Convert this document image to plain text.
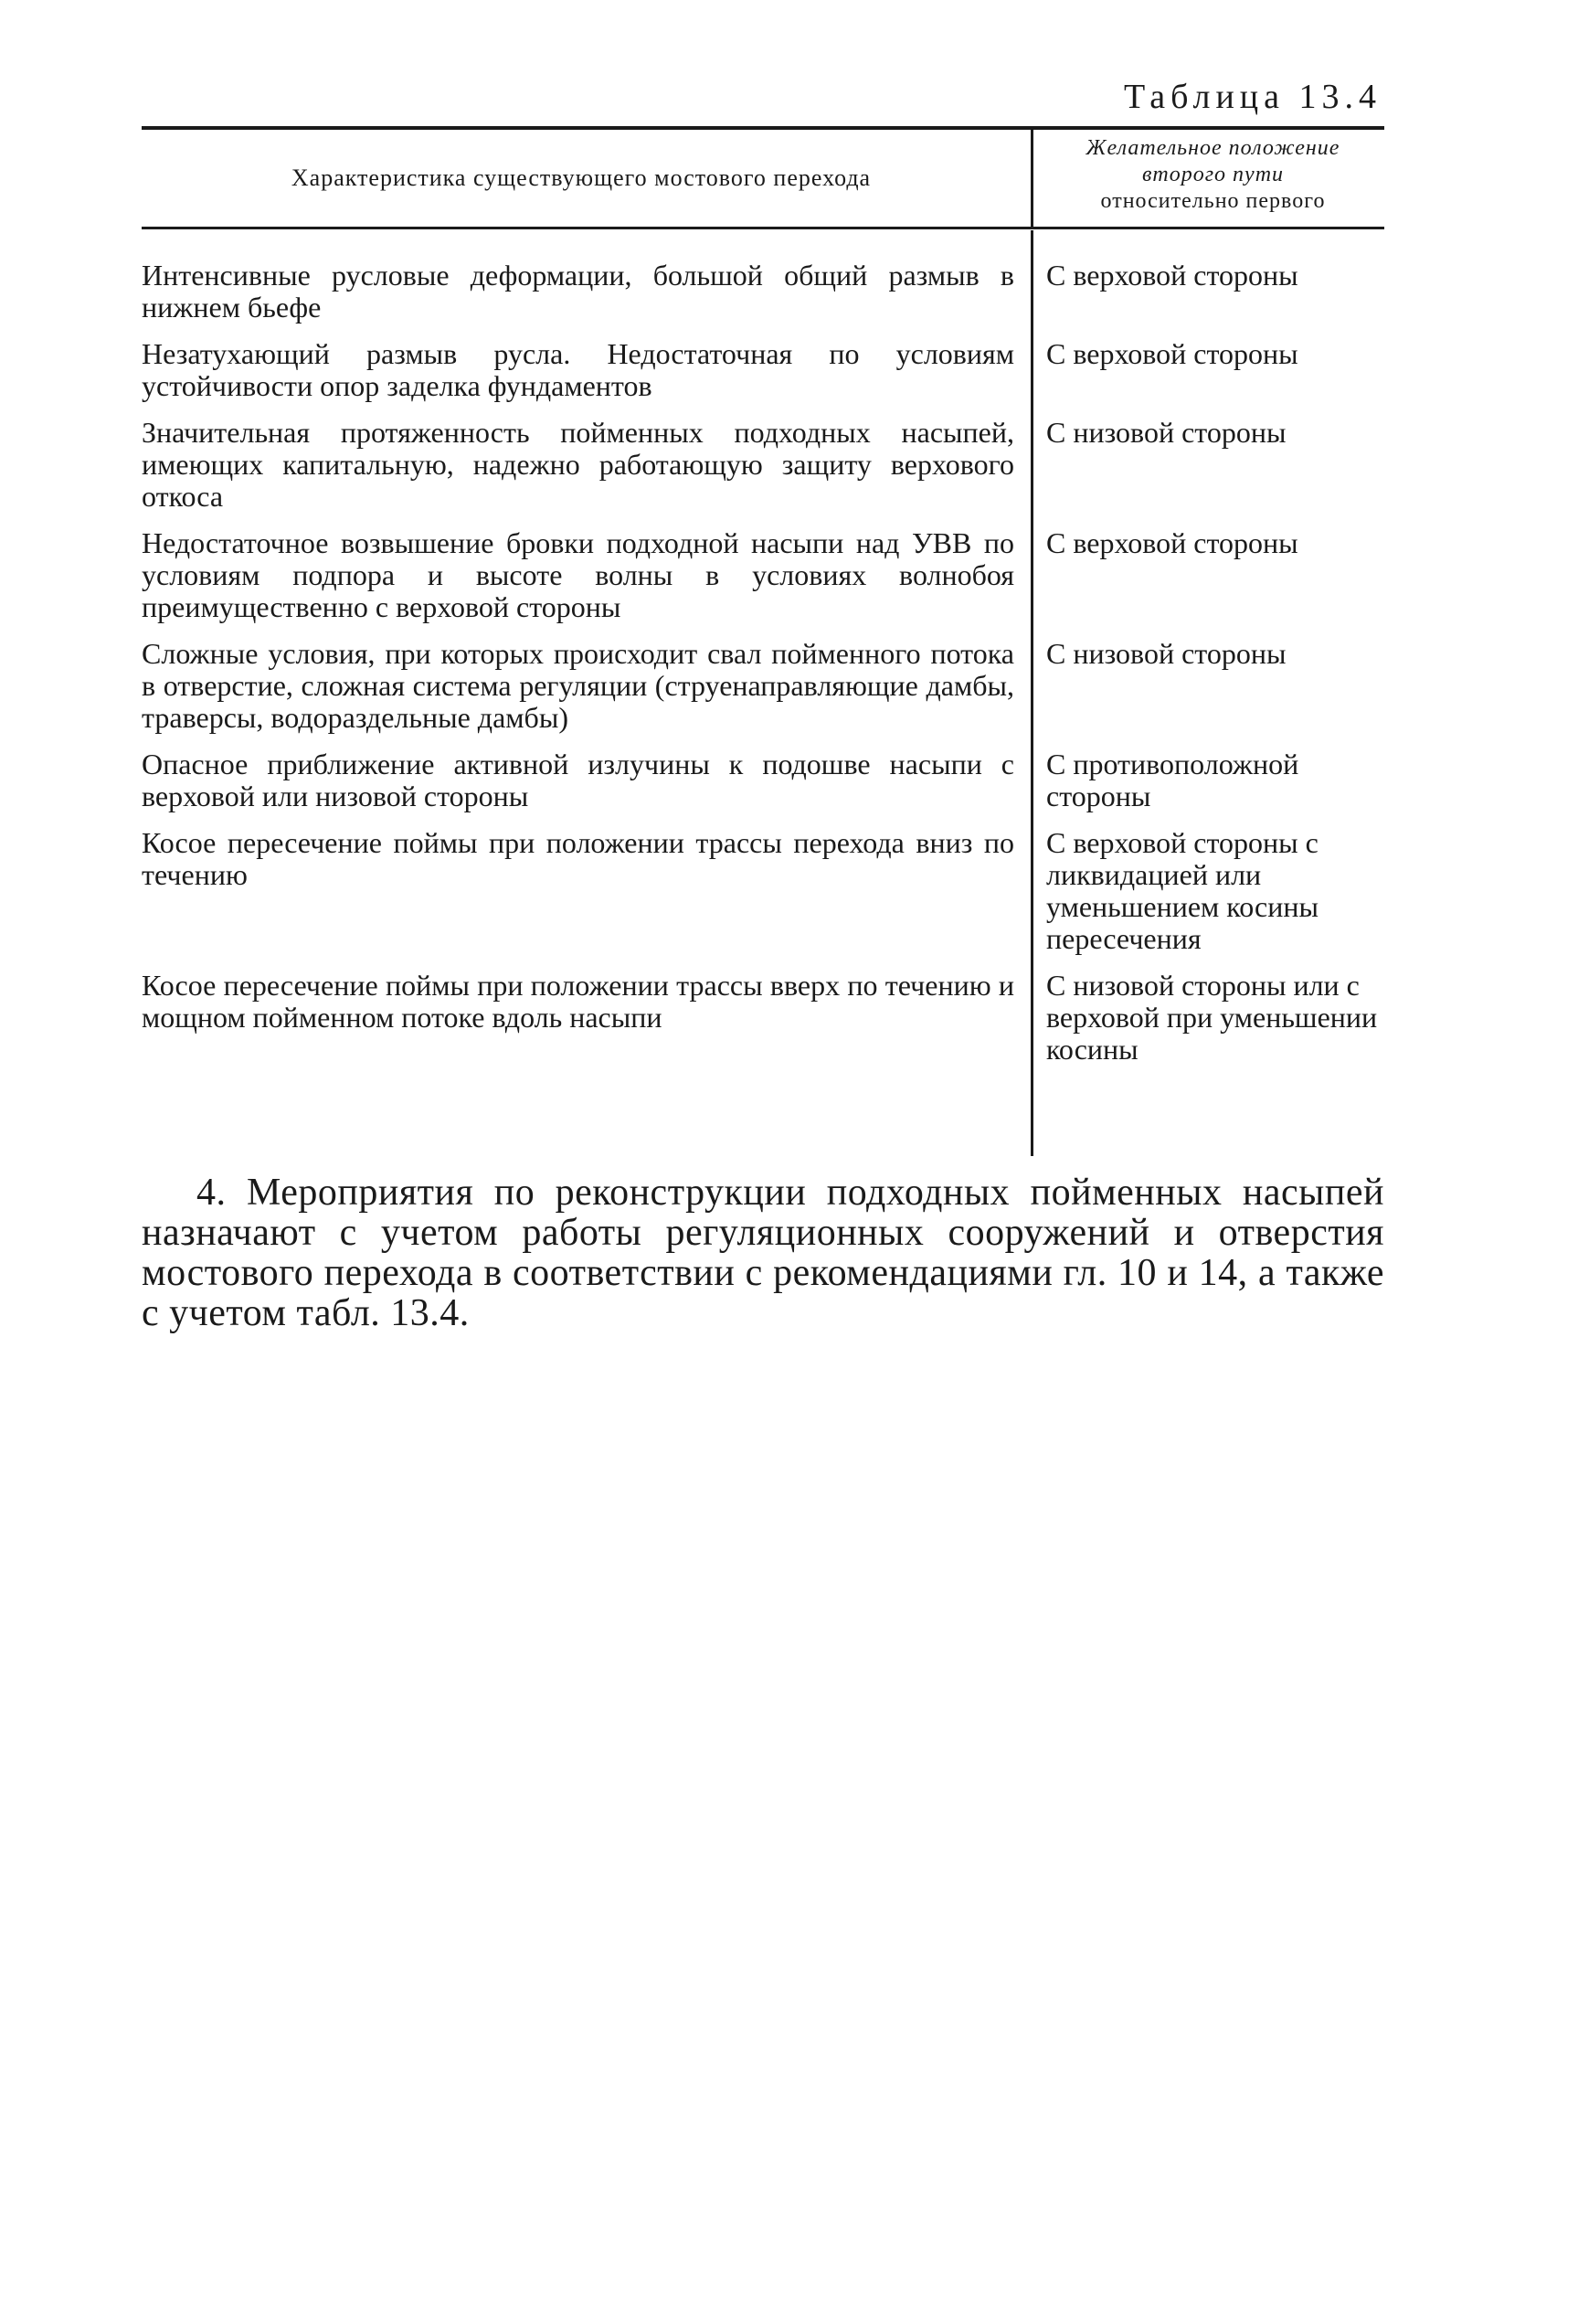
Таблица 13.4
Характеристика существующего мостового перехода
Желательное положение второго пути
относительно первого
Интенсивные русловые деформации, большой общий размыв в нижнем бьефе
С верховой стороны
Незатухающий размыв русла. Недостаточная по условиям устойчивости опор заделка фундаментов
С верховой стороны
Значительная протяженность пойменных подходных насыпей, имеющих капитальную, надежно работающую защиту верхового откоса
С низовой стороны
Недостаточное возвышение бровки подходной насыпи над УВВ по условиям подпора и высоте волны в условиях волнобоя преимущественно с верховой стороны
С верховой стороны
Сложные условия, при которых происходит свал пойменного потока в отверстие, сложная система регуляции (струенаправляющие дамбы, траверсы, водораздельные дамбы)
С низовой стороны
Опасное приближение активной излучины к подошве насыпи с верховой или низовой стороны
С противоположной стороны
Косое пересечение поймы при положении трассы перехода вниз по течению
С верховой стороны с ликвидацией или уменьшением косины пересечения
Косое пересечение поймы при положении трассы вверх по течению и мощном пойменном потоке вдоль насыпи
С низовой стороны или с верховой при уменьшении косины
4. Мероприятия по реконструкции подходных пойменных насыпей назначают с учетом работы регуляционных сооружений и отверстия мостового перехода в соответствии с рекомендациями гл. 10 и 14, а также с учетом табл. 13.4.
